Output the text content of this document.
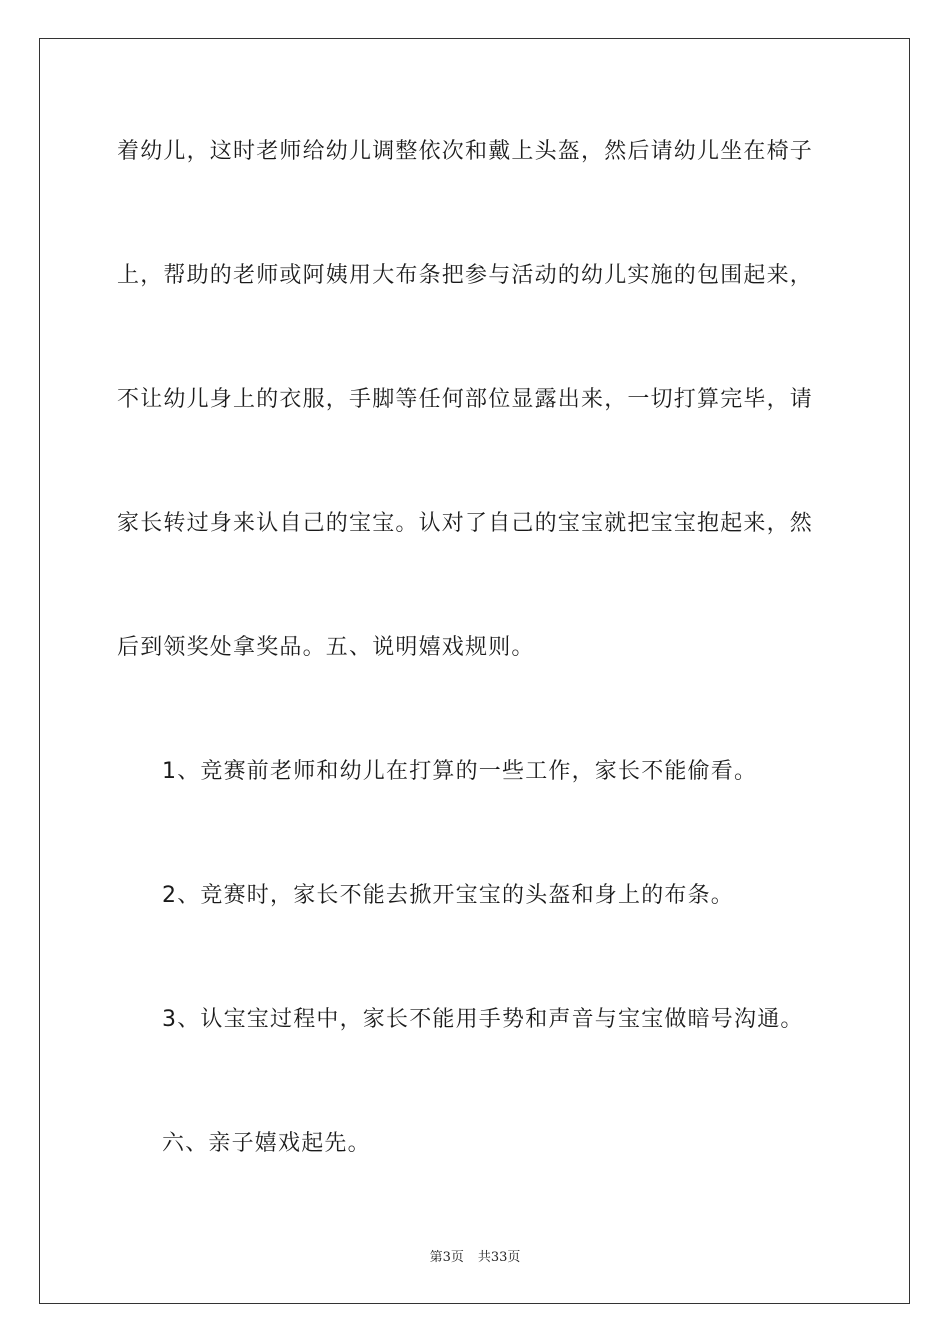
着幼儿，这时老师给幼儿调整依次和戴上头盔，然后请幼儿坐在椅子
上，帮助的老师或阿姨用大布条把参与活动的幼儿实施的包围起来，
不让幼儿身上的衣服，手脚等任何部位显露出来，一切打算完毕，请
家长转过身来认自己的宝宝。认对了自己的宝宝就把宝宝抱起来，然
后到领奖处拿奖品。五、说明嬉戏规则。
1、竞赛前老师和幼儿在打算的一些工作，家长不能偷看。
2、竞赛时，家长不能去掀开宝宝的头盔和身上的布条。
3、认宝宝过程中，家长不能用手势和声音与宝宝做暗号沟通。
六、亲子嬉戏起先。
第3页 共33页
